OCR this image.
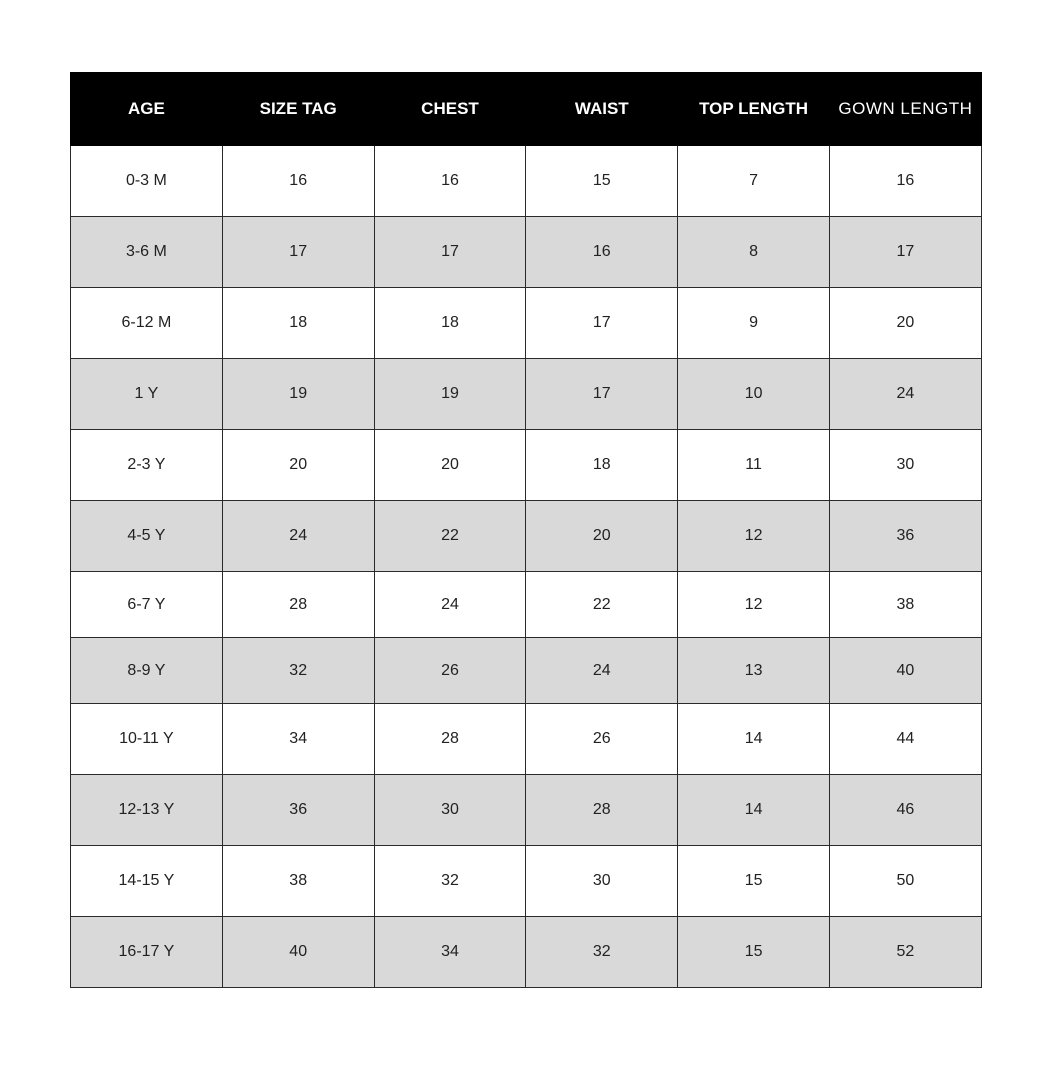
AGE	SIZE TAG	CHEST	WAIST	TOP LENGTH	GOWN LENGTH
0-3 M	16	16	15	7	16
3-6 M	17	17	16	8	17
6-12 M	18	18	17	9	20
1 Y	19	19	17	10	24
2-3 Y	20	20	18	11	30
4-5 Y	24	22	20	12	36
6-7 Y	28	24	22	12	38
8-9 Y	32	26	24	13	40
10-11 Y	34	28	26	14	44
12-13 Y	36	30	28	14	46
14-15 Y	38	32	30	15	50
16-17 Y	40	34	32	15	52
